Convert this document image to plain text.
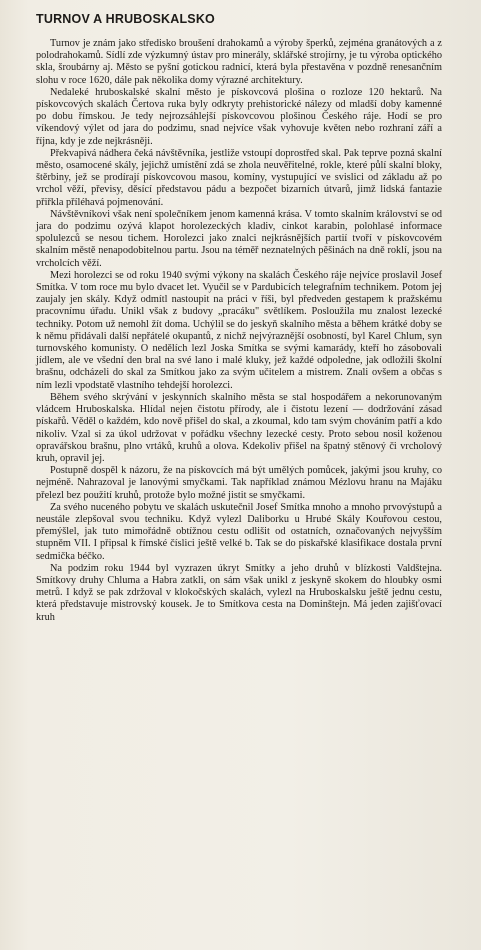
TURNOV A HRUBOSKALSKO

Turnov je znám jako středisko broušení drahokamů a výroby šperků, zejména granátových a z polodrahokamů. Sídlí zde výzkumný ústav pro minerály, sklářské strojírny, je tu výroba optického skla, šroubárny aj. Město se pyšní gotickou radnicí, která byla přestavěna v pozdně renesančním slohu v roce 1620, dále pak několika domy výrazné architektury.

Nedaleké hruboskalské skalní město je pískovcová plošina o rozloze 120 hektarů. Na pískovcových skalách Čertova ruka byly odkryty prehistorické nálezy od mladší doby kamenné po dobu římskou. Je tedy nejrozsáhlejší pískovcovou plošinou Českého ráje. Hodí se pro víkendový výlet od jara do podzimu, snad nejvíce však vyhovuje květen nebo rozhraní září a října, kdy je zde nejkrásněji.

Překvapivá nádhera čeká návštěvníka, jestliže vstoupí doprostřed skal. Pak teprve pozná skalní město, osamocené skály, jejichž umístění zdá se zhola neuvěřitelné, rokle, které půlí skalní bloky, štěrbiny, jež se prodírají pískovcovou masou, komíny, vystupující ve svislici od základu až po vrchol věží, převisy, děsící představou pádu a bezpočet bizarních útvarů, jimž lidská fantazie přiřkla příléhavá pojmenování.

Návštěvníkovi však není společníkem jenom kamenná krása. V tomto skalním království se od jara do podzimu ozývá klapot horolezeckých kladiv, cinkot karabin, polohlasé informace spolulezců se nesou tichem. Horolezci jako znalci nejkrásnějších partií tvoří v pískovcovém skalním městě nenapodobitelnou partu. Jsou na téměř neznatelných pěšinách na dně roklí, jsou na vrcholcích věží.

Mezi horolezci se od roku 1940 svými výkony na skalách Českého ráje nejvíce proslavil Josef Smítka. V tom roce mu bylo dvacet let. Vyučil se v Pardubicích telegrafním technikem. Potom jej zaujaly jen skály. Když odmítl nastoupit na práci v říši, byl předveden gestapem k pražskému pracovnímu úřadu. Unikl však z budovy „pracáku" světlíkem. Posloužila mu znalost lezecké techniky. Potom už nemohl žít doma. Uchýlil se do jeskyň skalního města a během krátké doby se k němu přidávali další nepřátelé okupantů, z nichž nejvýraznější osobností, byl Karel Chlum, syn turnovského komunisty. O nedělích lezl Joska Smítka se svými kamarády, kteří ho zásobovali jídlem, ale ve všední den bral na své lano i malé kluky, jež každé odpoledne, jak odložili školní brašnu, odcházeli do skal za Smítkou jako za svým učitelem a mistrem. Znali ovšem a občas s ním lezli vpodstatě vlastního tehdejší horolezci.

Během svého skrývání v jeskynních skalního města se stal hospodářem a nekorunovaným vládcem Hruboskalska. Hlídal nejen čistotu přírody, ale i čistotu lezení — dodržování zásad pískařů. Věděl o každém, kdo nově přišel do skal, a zkoumal, kdo tam svým chováním patří a kdo nikoliv. Vzal si za úkol udržovat v pořádku všechny lezecké cesty. Proto sebou nosil koženou opravářskou brašnu, plno vrtáků, kruhů a olova. Kdekoliv přišel na špatný stěnový či vrcholový kruh, opravil jej.

Postupně dospěl k názoru, že na pískovcích má být umělých pomůcek, jakými jsou kruhy, co nejméně. Nahrazoval je lanovými smyčkami. Tak například známou Mézlovu hranu na Majáku přelezl bez použití kruhů, protože bylo možné jistit se smyčkami.

Za svého nuceného pobytu ve skalách uskutečnil Josef Smítka mnoho a mnoho prvovýstupů a neustále zlepšoval svou techniku. Když vylezl Daliborku u Hrubé Skály Kouřovou cestou, přemýšlel, jak tuto mimořádně obtížnou cestu odlišit od ostatních, označovaných nejvyšším stupněm VII. I připsal k římské číslici ještě velké b. Tak se do pískařské klasifikace dostala první sedmička béčko.

Na podzim roku 1944 byl vyzrazen úkryt Smítky a jeho druhů v blízkosti Valdštejna. Smítkovy druhy Chluma a Habra zatkli, on sám však unikl z jeskyně skokem do hloubky osmi metrů. I když se pak zdržoval v klokočských skalách, vylezl na Hruboskalsku ještě jednu cestu, která představuje mistrovský kousek. Je to Smítkova cesta na Dominštejn. Má jeden zajišťovací kruh
